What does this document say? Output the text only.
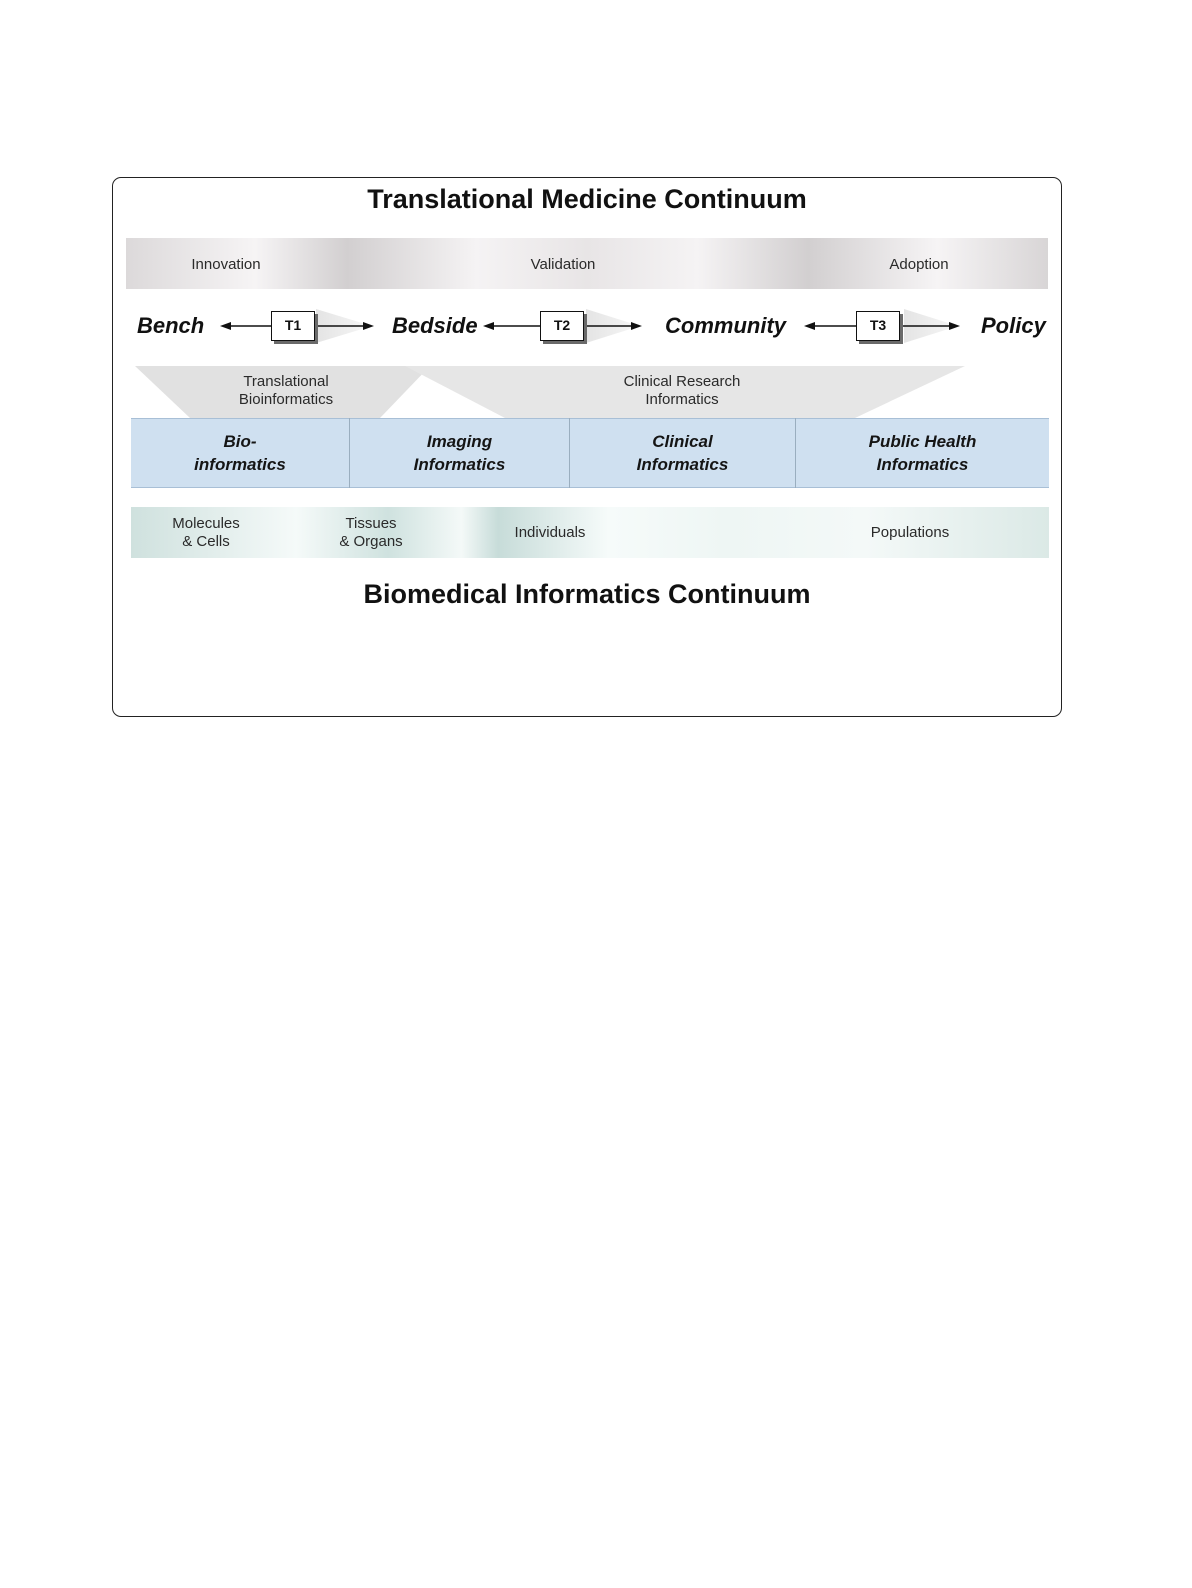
Translational Medicine Continuum
Innovation	Validation	Adoption
T1	T2	T3
Bench	Bedside	Community	Policy
Translational
Bioinformatics
Clinical Research
Informatics
Bio-
informatics
Imaging
Informatics
Clinical
Informatics
Public Health
Informatics
Molecules
& Cells
Tissues
& Organs
Individuals	Populations
Biomedical Informatics Continuum
